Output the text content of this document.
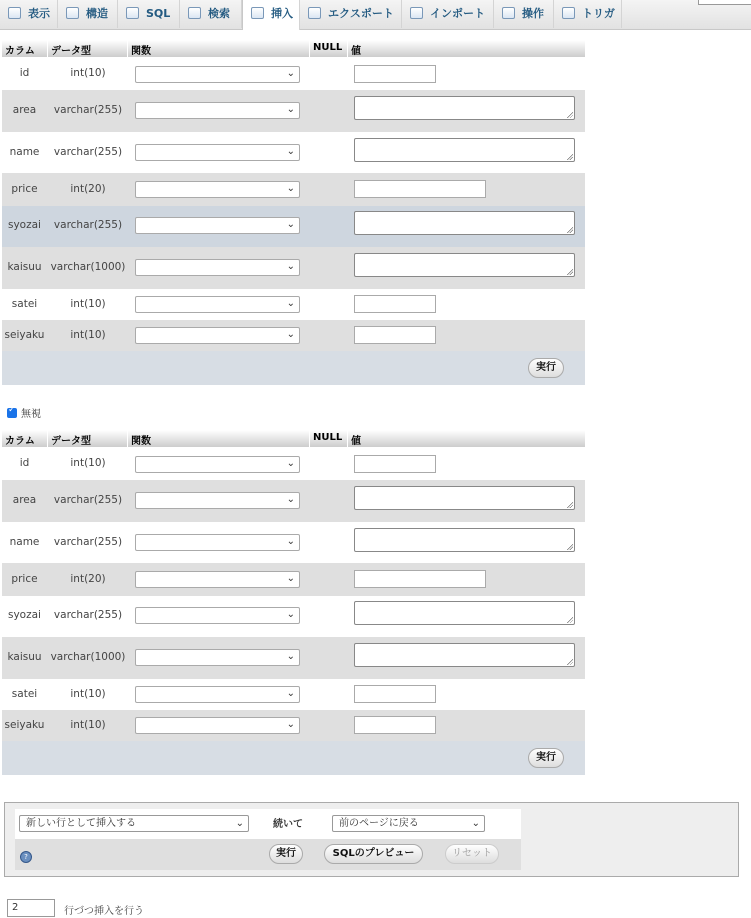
表示	構造	SQL	検索	挿入	エクスポート	インポート	操作	トリガ
カラム データ型	関数	NULL 値
id	int(10)	⌄
area	varchar(255)	⌄
name	varchar(255)	⌄
price	int(20)	⌄
syozai	varchar(255)	⌄
kaisuu varchar(1000)	⌄
satei	int(10)	⌄
seiyaku	int(10)	⌄
実行
✓無視
カラム データ型	関数	NULL 値
id	int(10)	⌄
area	varchar(255)	⌄
name	varchar(255)	⌄
price	int(20)	⌄
syozai	varchar(255)	⌄
kaisuu varchar(1000)	⌄
satei	int(10)	⌄
seiyaku	int(10)	⌄
実行
新しい行として挿入する	⌄	続いて	前のページに戻る	⌄
?	実行	SQLのプレビュー	リセット
2	行づつ挿入を行う
